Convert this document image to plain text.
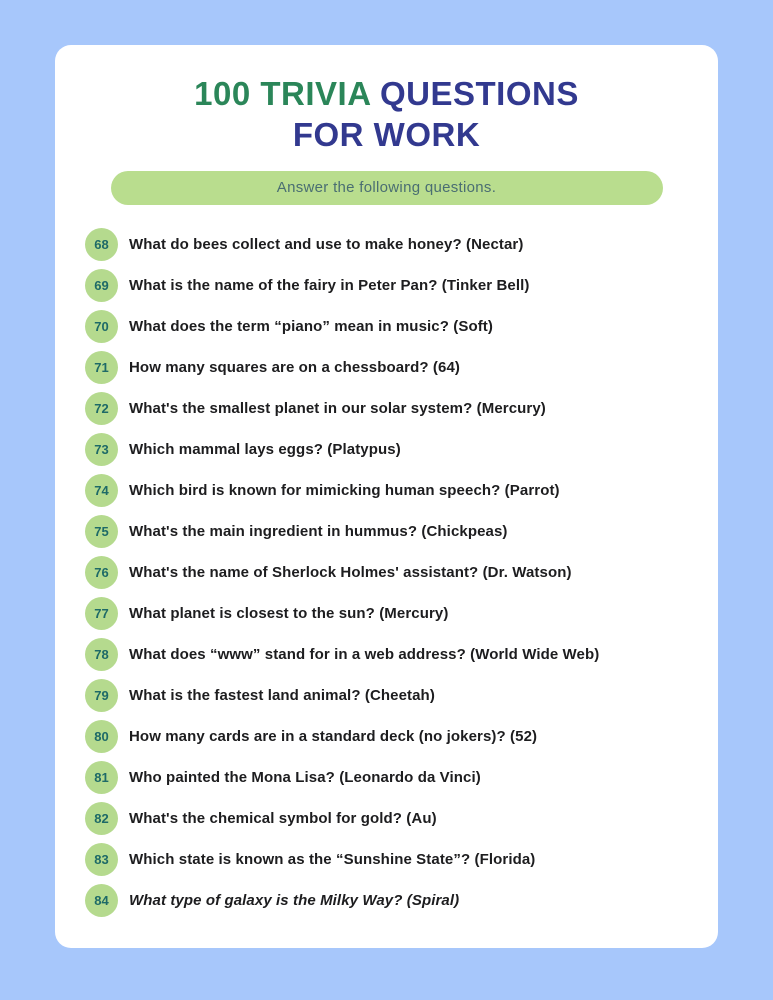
100 TRIVIA QUESTIONS
FOR WORK
Answer the following questions.
68 What do bees collect and use to make honey? (Nectar)
69 What is the name of the fairy in Peter Pan? (Tinker Bell)
70 What does the term “piano” mean in music? (Soft)
71 How many squares are on a chessboard? (64)
72 What's the smallest planet in our solar system? (Mercury)
73 Which mammal lays eggs? (Platypus)
74 Which bird is known for mimicking human speech? (Parrot)
75 What's the main ingredient in hummus? (Chickpeas)
76 What's the name of Sherlock Holmes' assistant? (Dr. Watson)
77 What planet is closest to the sun? (Mercury)
78 What does “www” stand for in a web address? (World Wide Web)
79 What is the fastest land animal? (Cheetah)
80 How many cards are in a standard deck (no jokers)? (52)
81 Who painted the Mona Lisa? (Leonardo da Vinci)
82 What's the chemical symbol for gold? (Au)
83 Which state is known as the “Sunshine State”? (Florida)
84 What type of galaxy is the Milky Way? (Spiral)
